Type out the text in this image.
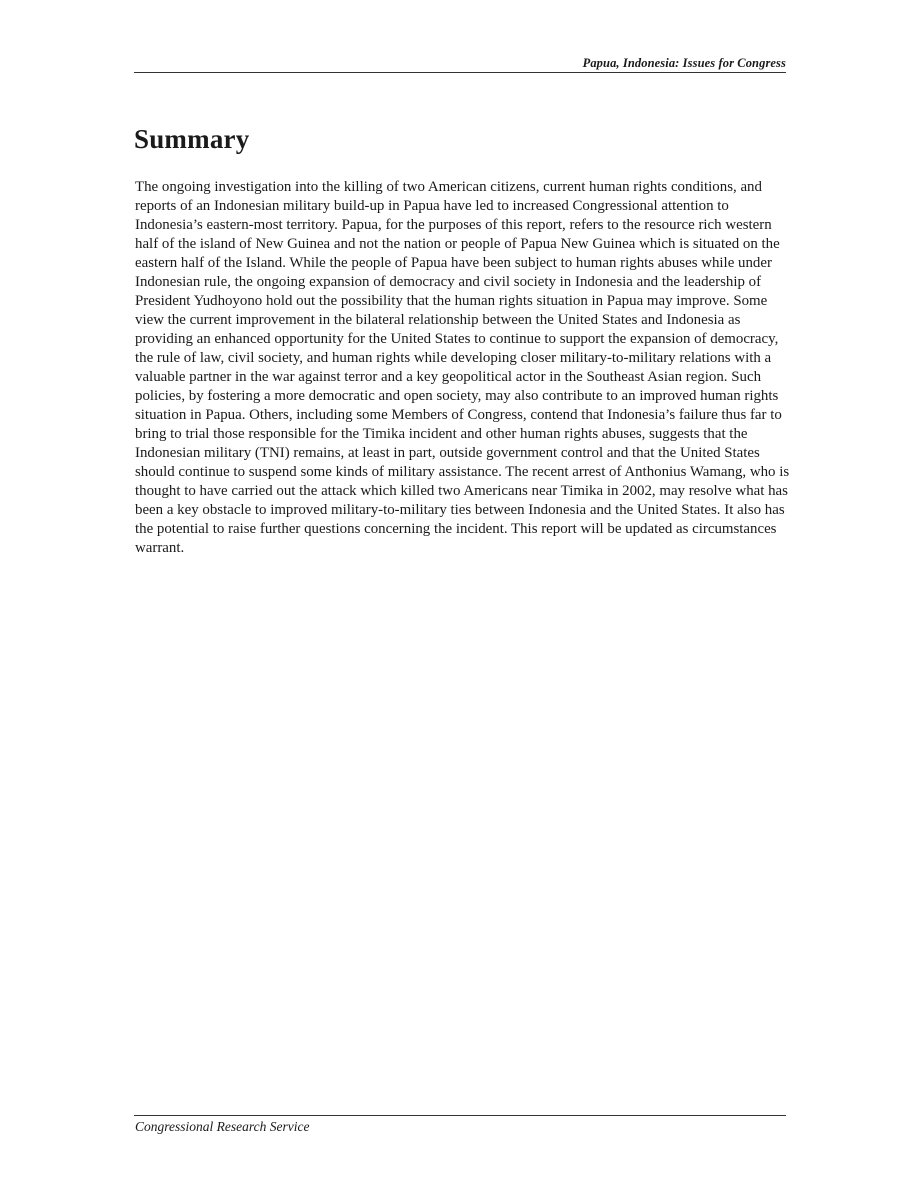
Papua, Indonesia: Issues for Congress
Summary

The ongoing investigation into the killing of two American citizens, current human rights conditions, and reports of an Indonesian military build-up in Papua have led to increased Congressional attention to Indonesia’s eastern-most territory. Papua, for the purposes of this report, refers to the resource rich western half of the island of New Guinea and not the nation or people of Papua New Guinea which is situated on the eastern half of the Island. While the people of Papua have been subject to human rights abuses while under Indonesian rule, the ongoing expansion of democracy and civil society in Indonesia and the leadership of President Yudhoyono hold out the possibility that the human rights situation in Papua may improve. Some view the current improvement in the bilateral relationship between the United States and Indonesia as providing an enhanced opportunity for the United States to continue to support the expansion of democracy, the rule of law, civil society, and human rights while developing closer military-to-military relations with a valuable partner in the war against terror and a key geopolitical actor in the Southeast Asian region. Such policies, by fostering a more democratic and open society, may also contribute to an improved human rights situation in Papua. Others, including some Members of Congress, contend that Indonesia’s failure thus far to bring to trial those responsible for the Timika incident and other human rights abuses, suggests that the Indonesian military (TNI) remains, at least in part, outside government control and that the United States should continue to suspend some kinds of military assistance. The recent arrest of Anthonius Wamang, who is thought to have carried out the attack which killed two Americans near Timika in 2002, may resolve what has been a key obstacle to improved military-to-military ties between Indonesia and the United States. It also has the potential to raise further questions concerning the incident. This report will be updated as circumstances warrant.

Congressional Research Service
